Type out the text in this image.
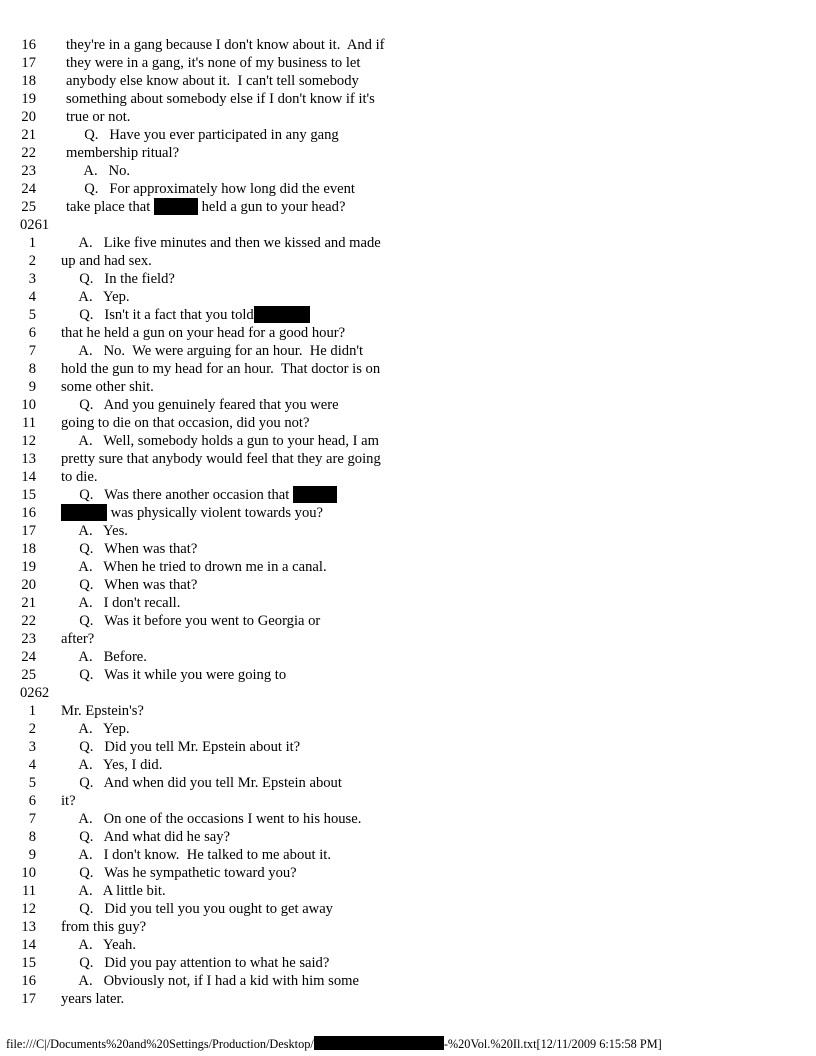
16 they're in a gang because I don't know about it.  And if
17 they were in a gang, it's none of my business to let
18 anybody else know about it.  I can't tell somebody
19 something about somebody else if I don't know if it's
20 true or not.
21 Q.   Have you ever participated in any gang
22 membership ritual?
23 A.   No.
24 Q.   For approximately how long did the event
25 take place that	held a gun to your head?
0261
1 A.   Like five minutes and then we kissed and made
2 up and had sex.
3 Q.   In the field?
4 A.   Yep.
5 Q.   Isn't it a fact that you told
6 that he held a gun on your head for a good hour?
7 A.   No.  We were arguing for an hour.  He didn't
8 hold the gun to my head for an hour.  That doctor is on
9 some other shit.
10 Q.   And you genuinely feared that you were
11 going to die on that occasion, did you not?
12 A.   Well, somebody holds a gun to your head, I am
13 pretty sure that anybody would feel that they are going
14 to die.
15 Q.   Was there another occasion that
16	was physically violent towards you?
17 A.   Yes.
18 Q.   When was that?
19 A.   When he tried to drown me in a canal.
20 Q.   When was that?
21 A.   I don't recall.
22 Q.   Was it before you went to Georgia or
23 after?
24 A.   Before.
25 Q.   Was it while you were going to
0262
1 Mr. Epstein's?
2 A.   Yep.
3 Q.   Did you tell Mr. Epstein about it?
4 A.   Yes, I did.
5 Q.   And when did you tell Mr. Epstein about
6 it?
7 A.   On one of the occasions I went to his house.
8 Q.   And what did he say?
9 A.   I don't know.  He talked to me about it.
10 Q.   Was he sympathetic toward you?
11 A.   A little bit.
12 Q.   Did you tell you you ought to get away
13 from this guy?
14 A.   Yeah.
15 Q.   Did you pay attention to what he said?
16 A.   Obviously not, if I had a kid with him some
17 years later.
file:///C|/Documents%20and%20Settings/Production/Desktop/	-%20Vol.%20Il.txt[12/11/2009 6:15:58 PM]
